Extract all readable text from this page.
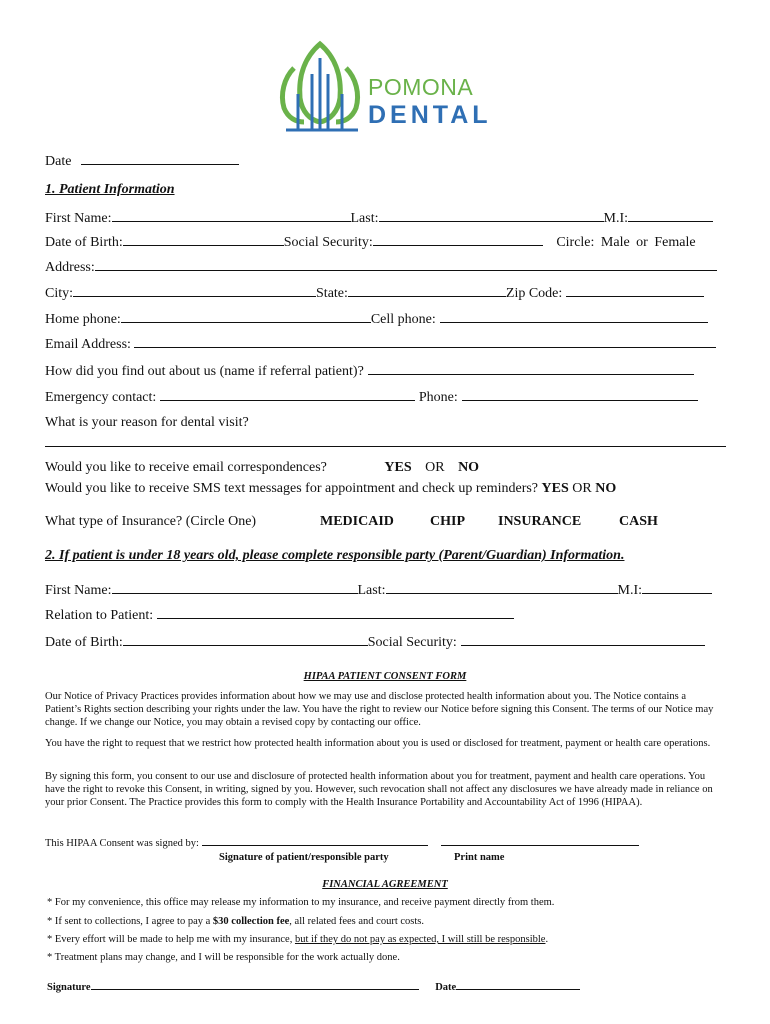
POMONA
DENTAL
Date
1. Patient Information
First Name:	Last:	M.I:
Date of Birth:	Social Security:	Circle: Male or Female
Address:
City:	State:	Zip Code:
Home phone:	Cell phone:
Email Address:
How did you find out about us (name if referral patient)?
Emergency contact:	Phone:
What is your reason for dental visit?
Would you like to receive email correspondences?	YES OR NO
Would you like to receive SMS text messages for appointment and check up reminders? YES OR NO
What type of Insurance? (Circle One)	MEDICAID	CHIP INSURANCE	CASH
2. If patient is under 18 years old, please complete responsible party (Parent/Guardian) Information.
First Name:	Last:	M.I:
Relation to Patient:
Date of Birth:	Social Security:
HIPAA PATIENT CONSENT FORM
Our Notice of Privacy Practices provides information about how we may use and disclose protected health information about you. The Notice contains a Patient’s Rights section describing your rights under the law. You have the right to review our Notice before signing this Consent. The terms of our Notice may change. If we change our Notice, you may obtain a revised copy by contacting our office.
You have the right to request that we restrict how protected health information about you is used or disclosed for treatment, payment or health care operations.
By signing this form, you consent to our use and disclosure of protected health information about you for treatment, payment and health care operations. You have the right to revoke this Consent, in writing, signed by you. However, such revocation shall not affect any disclosures we have already made in reliance on your prior Consent. The Practice provides this form to comply with the Health Insurance Portability and Accountability Act of 1996 (HIPAA).
This HIPAA Consent was signed by:
Signature of patient/responsible party	Print name
FINANCIAL AGREEMENT
* For my convenience, this office may release my information to my insurance, and receive payment directly from them.
* If sent to collections, I agree to pay a $30 collection fee, all related fees and court costs.
* Every effort will be made to help me with my insurance, but if they do not pay as expected, I will still be responsible.
* Treatment plans may change, and I will be responsible for the work actually done.
Signature	Date
